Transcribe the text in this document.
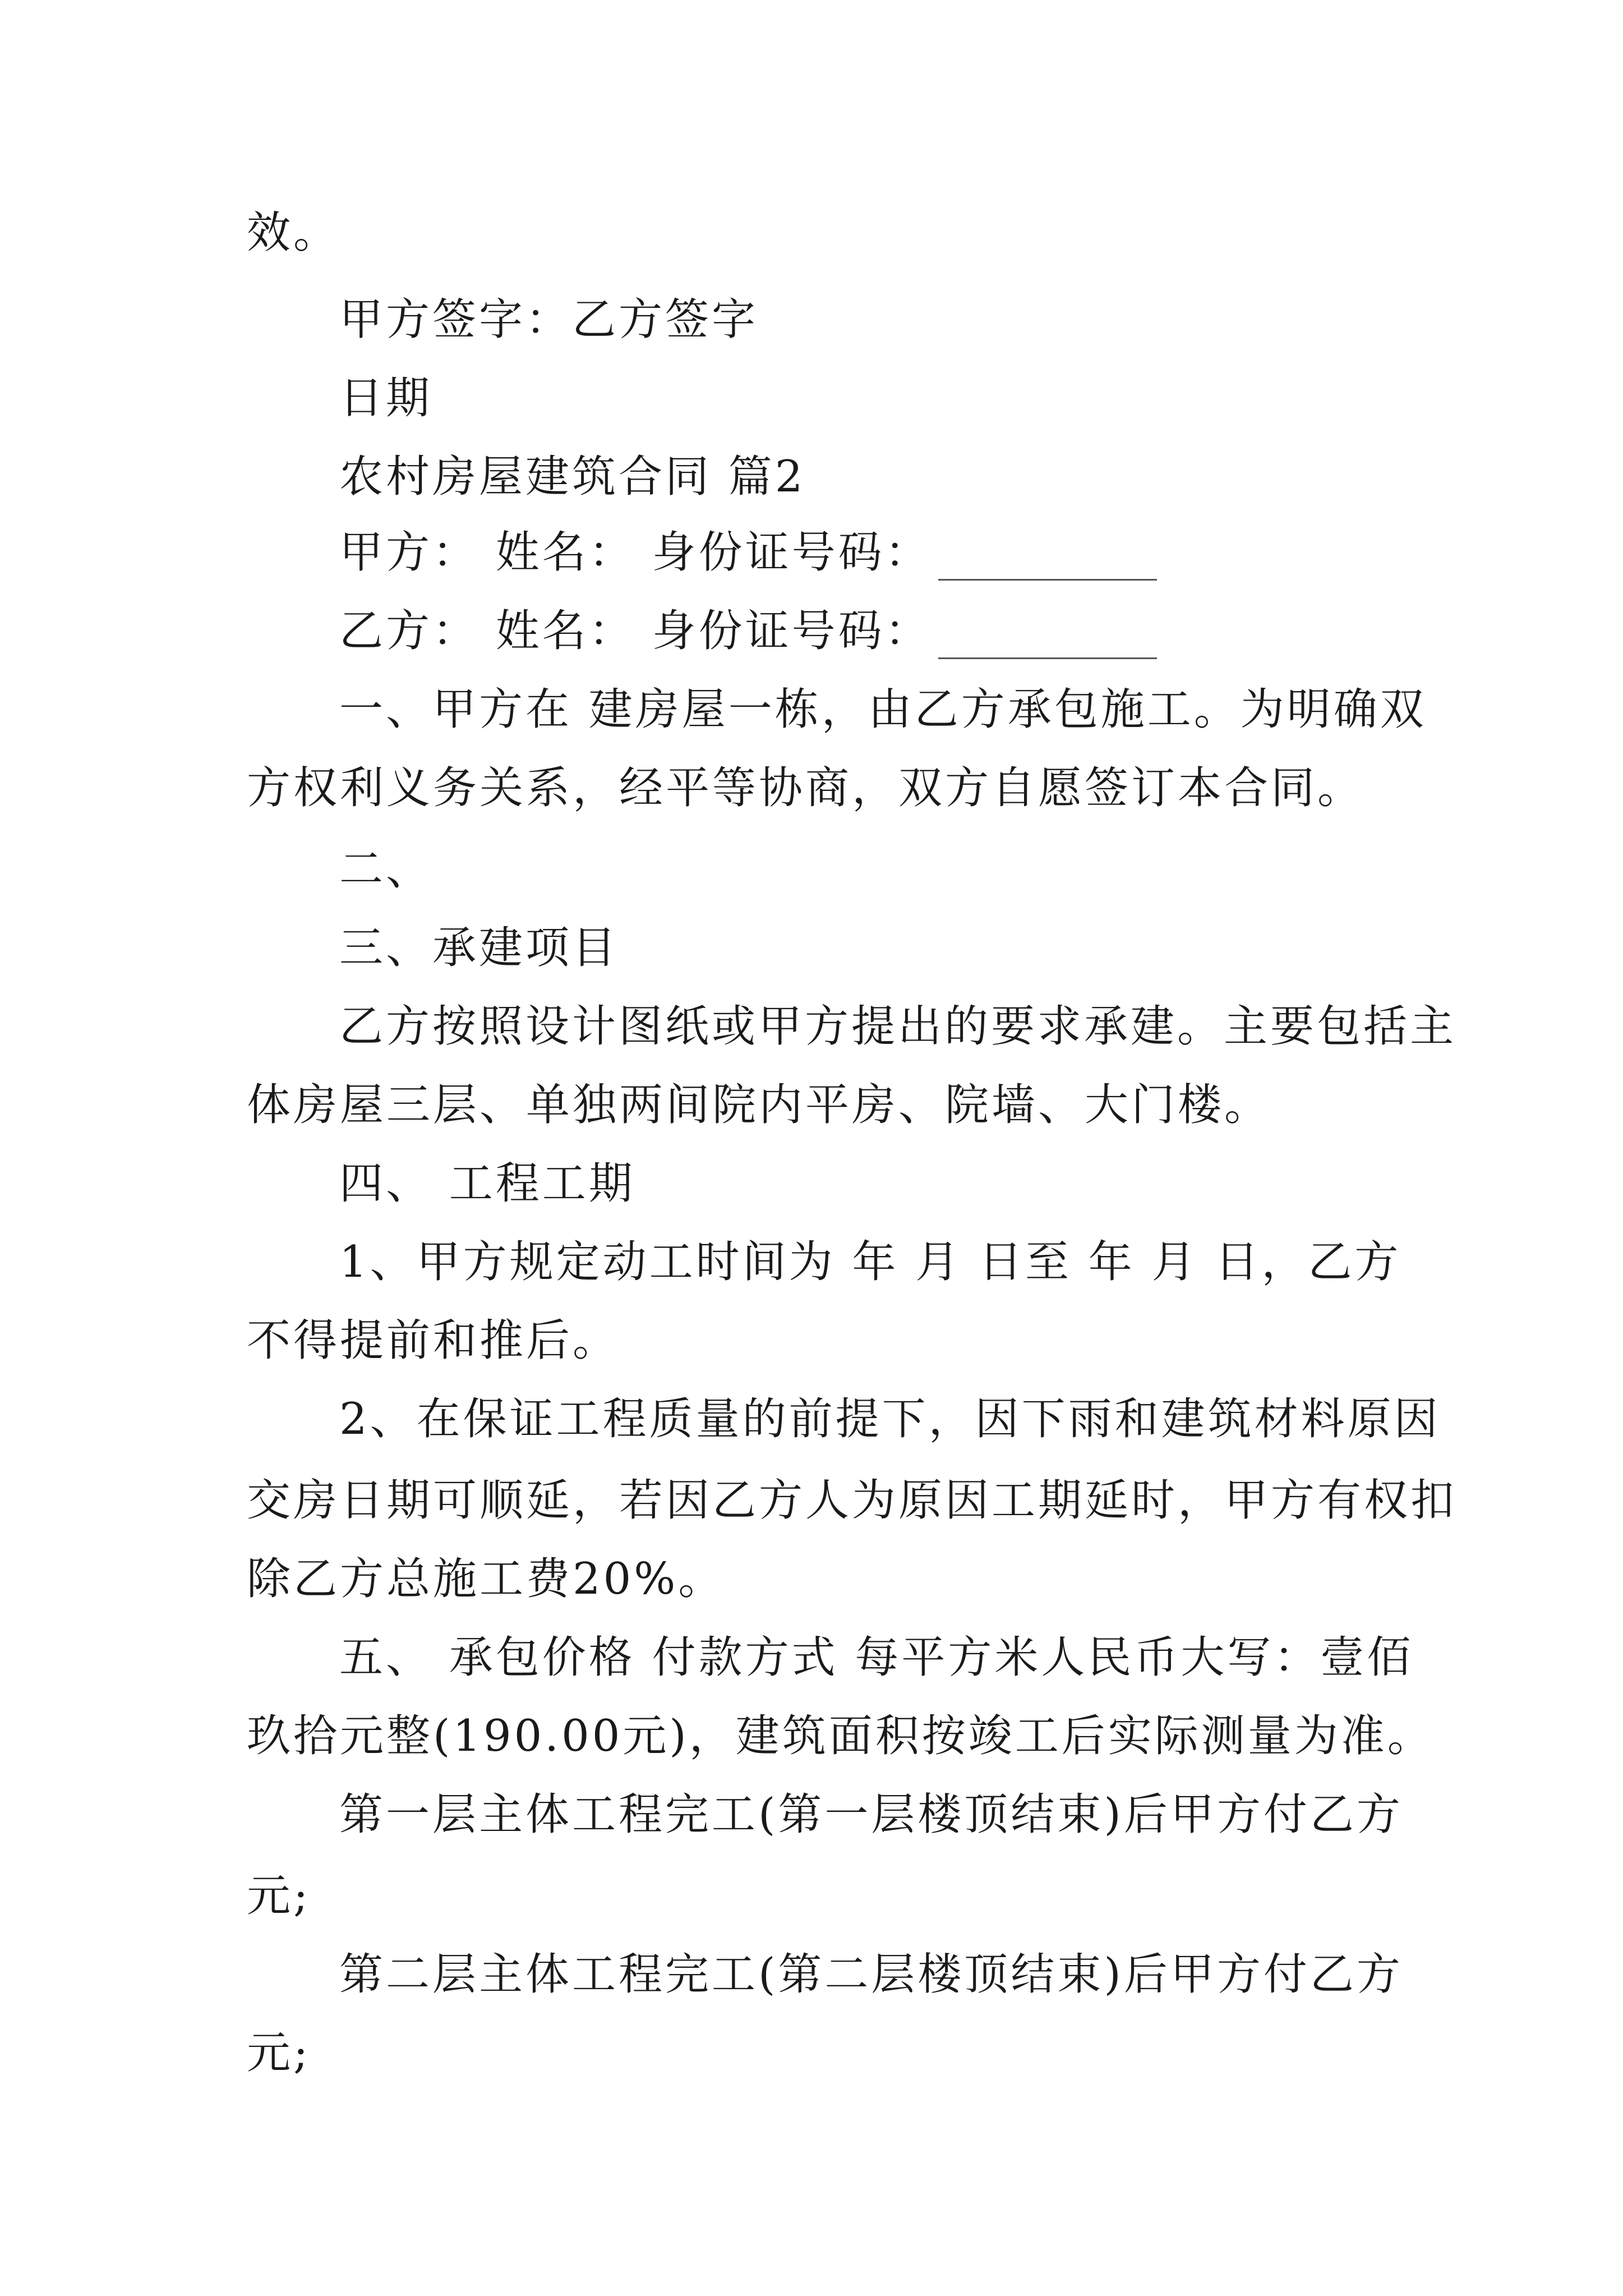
效。
甲方签字：乙方签字
日期
农村房屋建筑合同 篇2
甲方： 姓名： 身份证号码：
乙方： 姓名： 身份证号码：
一、甲方在 建房屋一栋，由乙方承包施工。为明确双
方权利义务关系，经平等协商，双方自愿签订本合同。
二、
三、承建项目
乙方按照设计图纸或甲方提出的要求承建。主要包括主
体房屋三层、单独两间院内平房、院墙、大门楼。
四、 工程工期
1、甲方规定动工时间为 年 月 日至 年 月 日，乙方
不得提前和推后。
2、在保证工程质量的前提下，因下雨和建筑材料原因
交房日期可顺延，若因乙方人为原因工期延时，甲方有权扣
除乙方总施工费20%。
五、 承包价格 付款方式 每平方米人民币大写：壹佰
玖拾元整(190.00元)，建筑面积按竣工后实际测量为准。
第一层主体工程完工(第一层楼顶结束)后甲方付乙方
元;
第二层主体工程完工(第二层楼顶结束)后甲方付乙方
元;
